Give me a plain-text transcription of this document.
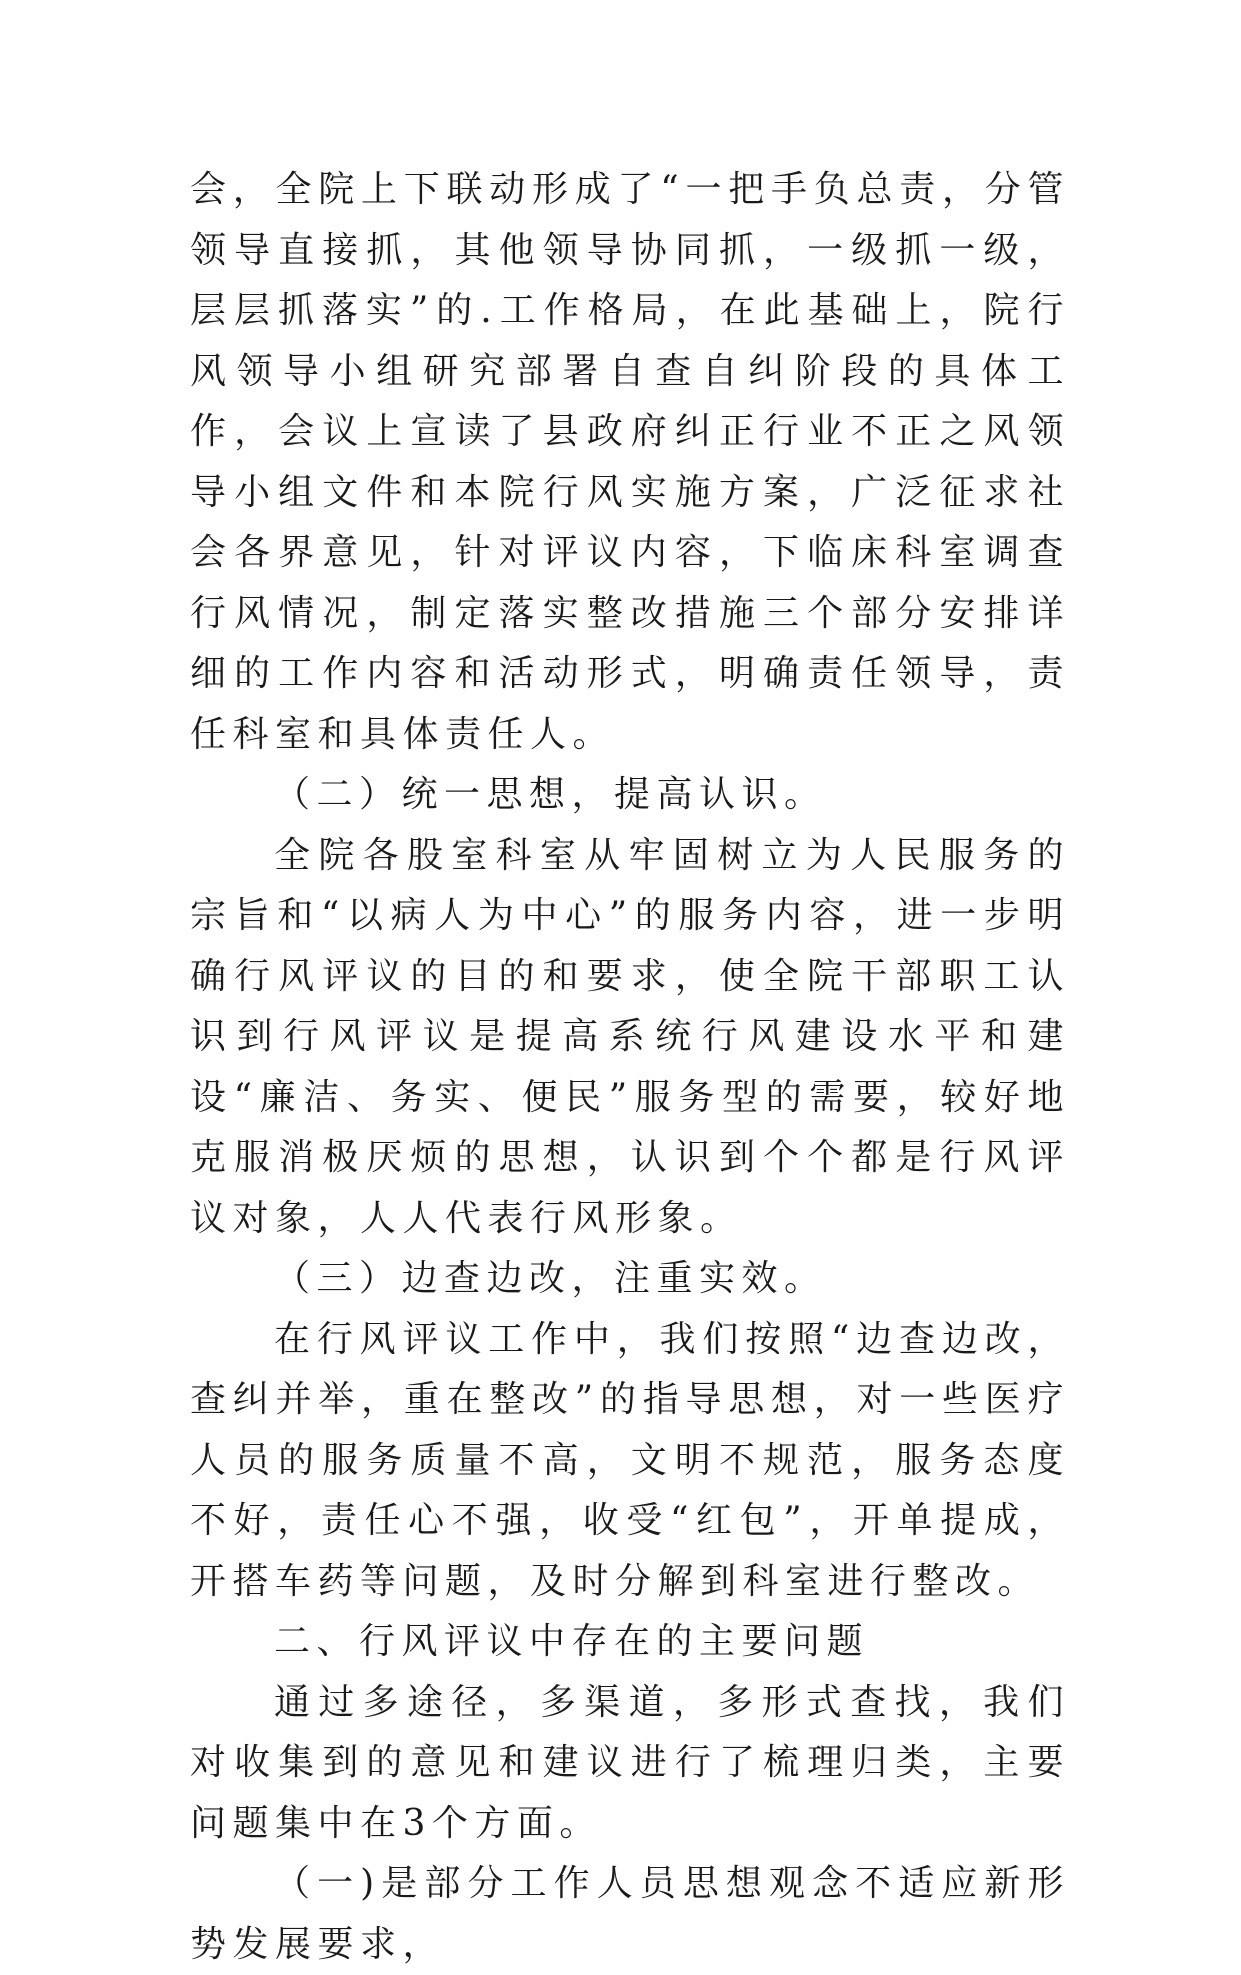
会，全院上下联动形成了“一把手负总责，分管领导直接抓，其他领导协同抓，一级抓一级，层层抓落实”的.工作格局，在此基础上，院行风领导小组研究部署自查自纠阶段的具体工作，会议上宣读了县政府纠正行业不正之风领导小组文件和本院行风实施方案，广泛征求社会各界意见，针对评议内容，下临床科室调查行风情况，制定落实整改措施三个部分安排详细的工作内容和活动形式，明确责任领导，责任科室和具体责任人。

（二）统一思想，提高认识。

全院各股室科室从牢固树立为人民服务的宗旨和“以病人为中心”的服务内容，进一步明确行风评议的目的和要求，使全院干部职工认识到行风评议是提高系统行风建设水平和建设“廉洁、务实、便民”服务型的需要，较好地克服消极厌烦的思想，认识到个个都是行风评议对象，人人代表行风形象。

（三）边查边改，注重实效。

在行风评议工作中，我们按照“边查边改，查纠并举，重在整改”的指导思想，对一些医疗人员的服务质量不高，文明不规范，服务态度不好，责任心不强，收受“红包”，开单提成，开搭车药等问题，及时分解到科室进行整改。

二、行风评议中存在的主要问题

通过多途径，多渠道，多形式查找，我们对收集到的意见和建议进行了梳理归类，主要问题集中在3个方面。

（一)是部分工作人员思想观念不适应新形势发展要求，
